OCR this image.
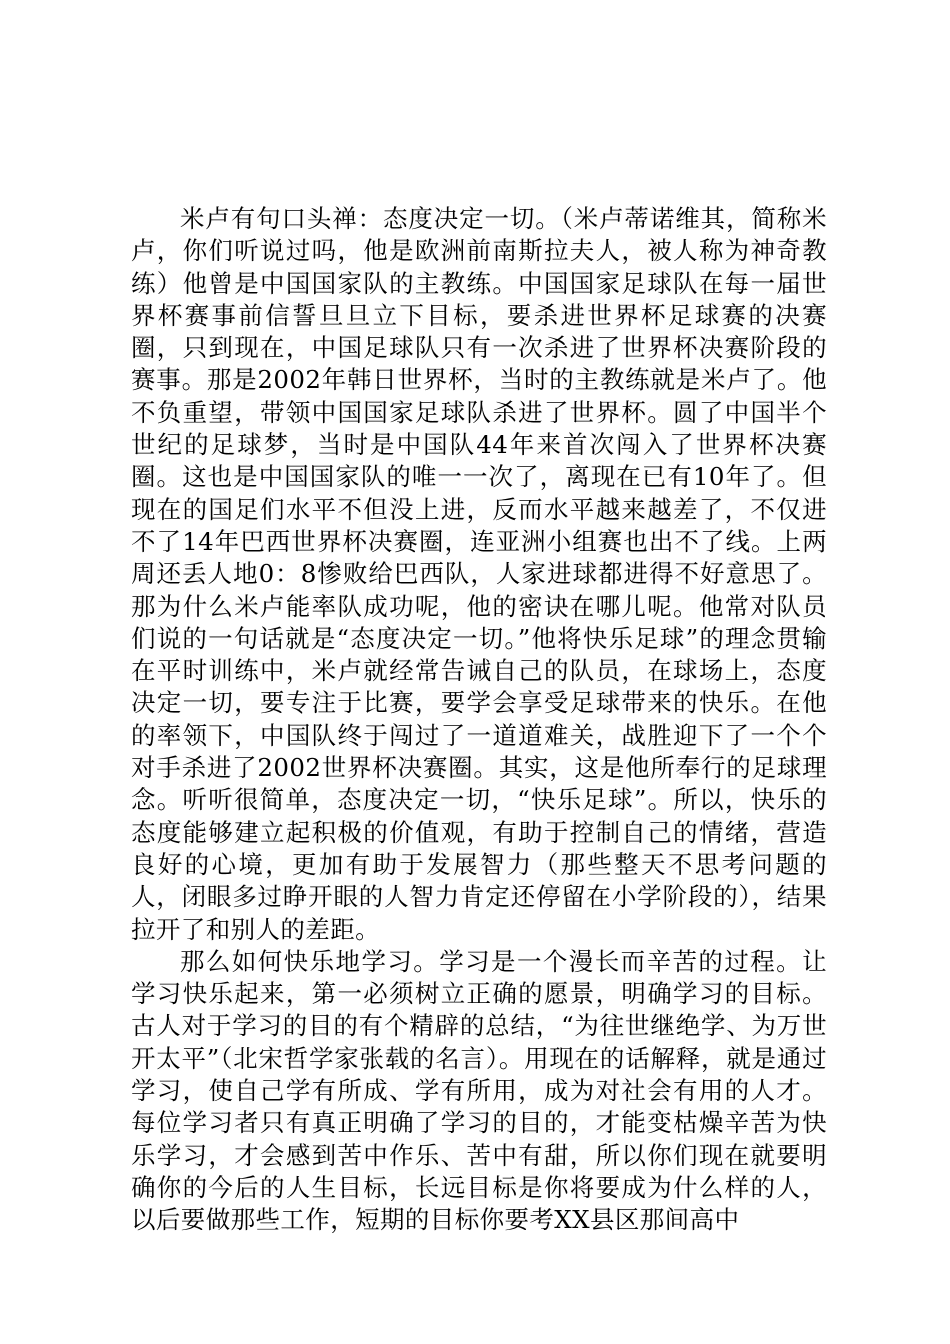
米卢有句口头禅：态度决定一切。（米卢蒂诺维其，简称米卢，你们听说过吗，他是欧洲前南斯拉夫人，被人称为神奇教练）他曾是中国国家队的主教练。中国国家足球队在每一届世界杯赛事前信誓旦旦立下目标，要杀进世界杯足球赛的决赛圈，只到现在，中国足球队只有一次杀进了世界杯决赛阶段的赛事。那是2002年韩日世界杯，当时的主教练就是米卢了。他不负重望，带领中国国家足球队杀进了世界杯。圆了中国半个世纪的足球梦，当时是中国队44年来首次闯入了世界杯决赛圈。这也是中国国家队的唯一一次了，离现在已有10年了。但现在的国足们水平不但没上进，反而水平越来越差了，不仅进不了14年巴西世界杯决赛圈，连亚洲小组赛也出不了线。上两周还丢人地0：8惨败给巴西队，人家进球都进得不好意思了。那为什么米卢能率队成功呢，他的密诀在哪儿呢。他常对队员们说的一句话就是“态度决定一切。”他将快乐足球”的理念贯输在平时训练中，米卢就经常告诫自己的队员，在球场上，态度决定一切，要专注于比赛，要学会享受足球带来的快乐。在他的率领下，中国队终于闯过了一道道难关，战胜迎下了一个个对手杀进了2002世界杯决赛圈。其实，这是他所奉行的足球理念。听听很简单，态度决定一切，“快乐足球”。所以，快乐的态度能够建立起积极的价值观，有助于控制自己的情绪，营造良好的心境，更加有助于发展智力（那些整天不思考问题的人，闭眼多过睁开眼的人智力肯定还停留在小学阶段的），结果拉开了和别人的差距。

那么如何快乐地学习。学习是一个漫长而辛苦的过程。让学习快乐起来，第一必须树立正确的愿景，明确学习的目标。古人对于学习的目的有个精辟的总结，“为往世继绝学、为万世开太平”（北宋哲学家张载的名言）。用现在的话解释，就是通过学习，使自己学有所成、学有所用，成为对社会有用的人才。每位学习者只有真正明确了学习的目的，才能变枯燥辛苦为快乐学习，才会感到苦中作乐、苦中有甜，所以你们现在就要明确你的今后的人生目标，长远目标是你将要成为什么样的人，以后要做那些工作，短期的目标你要考XX县区那间高中
